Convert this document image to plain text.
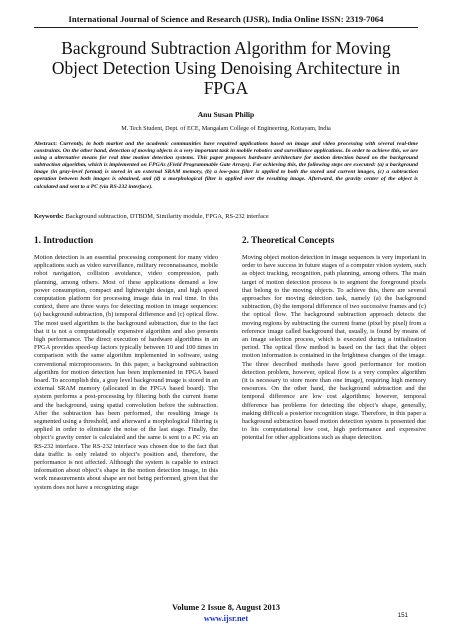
International Journal of Science and Research (IJSR), India Online ISSN: 2319-7064
Background Subtraction Algorithm for Moving Object Detection Using Denoising Architecture in FPGA
Anu Susan Philip
M. Tech Student, Dept. of ECE, Mangalam College of Engineering, Kottayam, India
Abstract: Currently, in both market and the academic communities have required applications based on image and video processing with several real-time constraints. On the other hand, detection of moving objects is a very important task in mobile robotics and surveillance applications. In order to achieve this, we are using a alternative means for real time motion detection systems. This paper proposes hardware architecture for motion detection based on the background subtraction algorithm, which is implemented on FPGAs (Field Programmable Gate Arrays). For achieving this, the following steps are executed: (a) a background image (in gray-level format) is stored in an external SRAM memory, (b) a low-pass filter is applied to both the stored and current images, (c) a subtraction operation between both images is obtained, and (d) a morphological filter is applied over the resulting image. Afterward, the gravity center of the object is calculated and sent to a PC (via RS-232 interface).
Keywords: Background subtraction, DTBDM, Similarity module, FPGA, RS-232 interface
1. Introduction

Motion detection is an essential processing component for many video applications such as video surveillance, military reconnaissance, mobile robot navigation, collision avoidance, video compression, path planning, among others. Most of these applications demand a low power consumption, compact and lightweight design, and high speed computation platform for processing image data in real time. In this context, there are three ways for detecting motion in image sequences: (a) background subtraction, (b) temporal difference and (c) optical flow. The most used algorithm is the background subtraction, due to the fact that it is not a computationally expensive algorithm and also presents high performance. The direct execution of hardware algorithms in an FPGA provides speed-up factors typically between 10 and 100 times in comparison with the same algorithm implemented in software, using conventional microprocessors. In this paper, a background subtraction algorithm for motion detection has been implemented in FPGA based board. To accomplish this, a gray level background image is stored in an external SRAM memory (allocated in the FPGA based board). The system performs a post-processing by filtering both the current frame and the background, using spatial convolution before the subtraction. After the subtraction has been performed, the resulting image is segmented using a threshold, and afterward a morphological filtering is applied in order to eliminate the noise of the last stage. Finally, the object’s gravity center is calculated and the same is sent to a PC via an RS-232 interface. The RS-232 interface was chosen due to the fact that data traffic is only related to object’s position and, therefore, the performance is not affected. Although the system is capable to extract information about object’s shape in the motion detection image, in this work measurements about shape are not being performed, given that the system does not have a recognizing stage

2. Theoretical Concepts

Moving object motion detection in image sequences is very important in order to have success in future stages of a computer vision system, such as object tracking, recognition, path planning, among others. The main target of motion detection process is to segment the foreground pixels that belong to the moving objects. To achieve this, there are several approaches for moving detection task, namely (a) the background subtraction, (b) the temporal difference of two successive frames and (c) the optical flow. The background subtraction approach detects the moving regions by subtracting the current frame (pixel by pixel) from a reference image called background that, usually, is found by means of an image selection process, which is executed during a initialization period. The optical flow method is based on the fact that the object motion information is contained in the brightness changes of the image. The three described methods have good performance for motion detection problem, however, optical flow is a very complex algorithm (it is necessary to store more than one image), requiring high memory resources. On the other hand, the background subtraction and the temporal difference are low cost algorithms; however, temporal difference has problems for detecting the object’s shape, generally, making difficult a posterior recognition stage. Therefore, in this paper a background subtraction based motion detection system is presented due to his computational low cost, high performance and expressive potential for other applications such as shape detection.

Volume 2 Issue 8, August 2013
www.ijsr.net	151
